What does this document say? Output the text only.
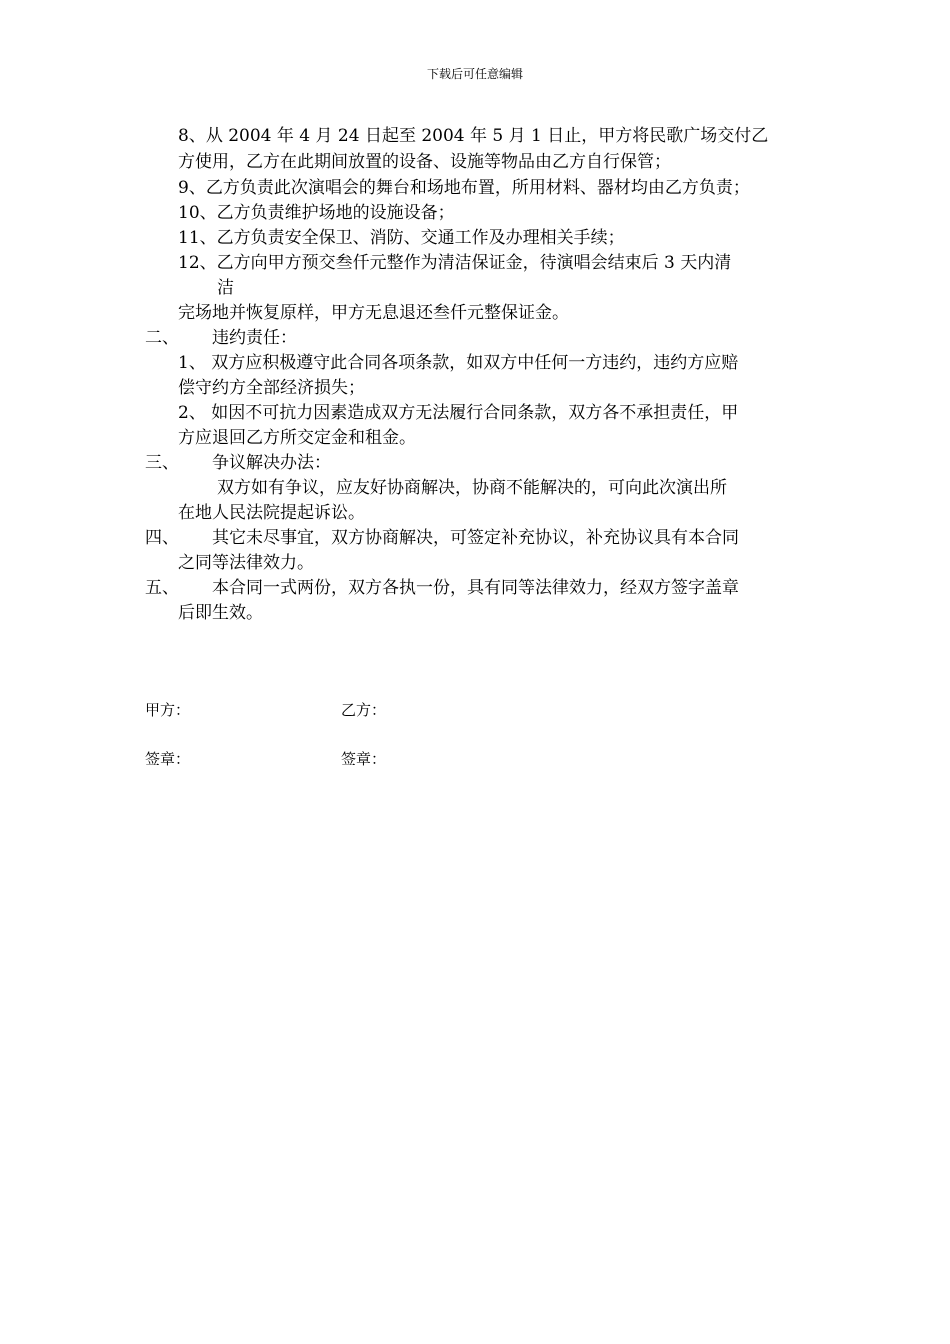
下载后可任意编辑
8、从 2004 年 4 月 24 日起至 2004 年 5 月 1 日止，甲方将民歌广场交付乙
方使用，乙方在此期间放置的设备、设施等物品由乙方自行保管；
9、乙方负责此次演唱会的舞台和场地布置，所用材料、器材均由乙方负责；
10、乙方负责维护场地的设施设备；
11、乙方负责安全保卫、消防、交通工作及办理相关手续；
12、乙方向甲方预交叁仟元整作为清洁保证金，待演唱会结束后 3 天内清
洁
完场地并恢复原样，甲方无息退还叁仟元整保证金。
二、 违约责任：
1、 双方应积极遵守此合同各项条款，如双方中任何一方违约，违约方应赔
偿守约方全部经济损失；
2、 如因不可抗力因素造成双方无法履行合同条款，双方各不承担责任，甲
方应退回乙方所交定金和租金。
三、 争议解决办法：
双方如有争议，应友好协商解决，协商不能解决的，可向此次演出所
在地人民法院提起诉讼。
四、 其它未尽事宜，双方协商解决，可签定补充协议，补充协议具有本合同
之同等法律效力。
五、 本合同一式两份，双方各执一份，具有同等法律效力，经双方签字盖章
后即生效。
甲方：	乙方：
签章：	签章：
